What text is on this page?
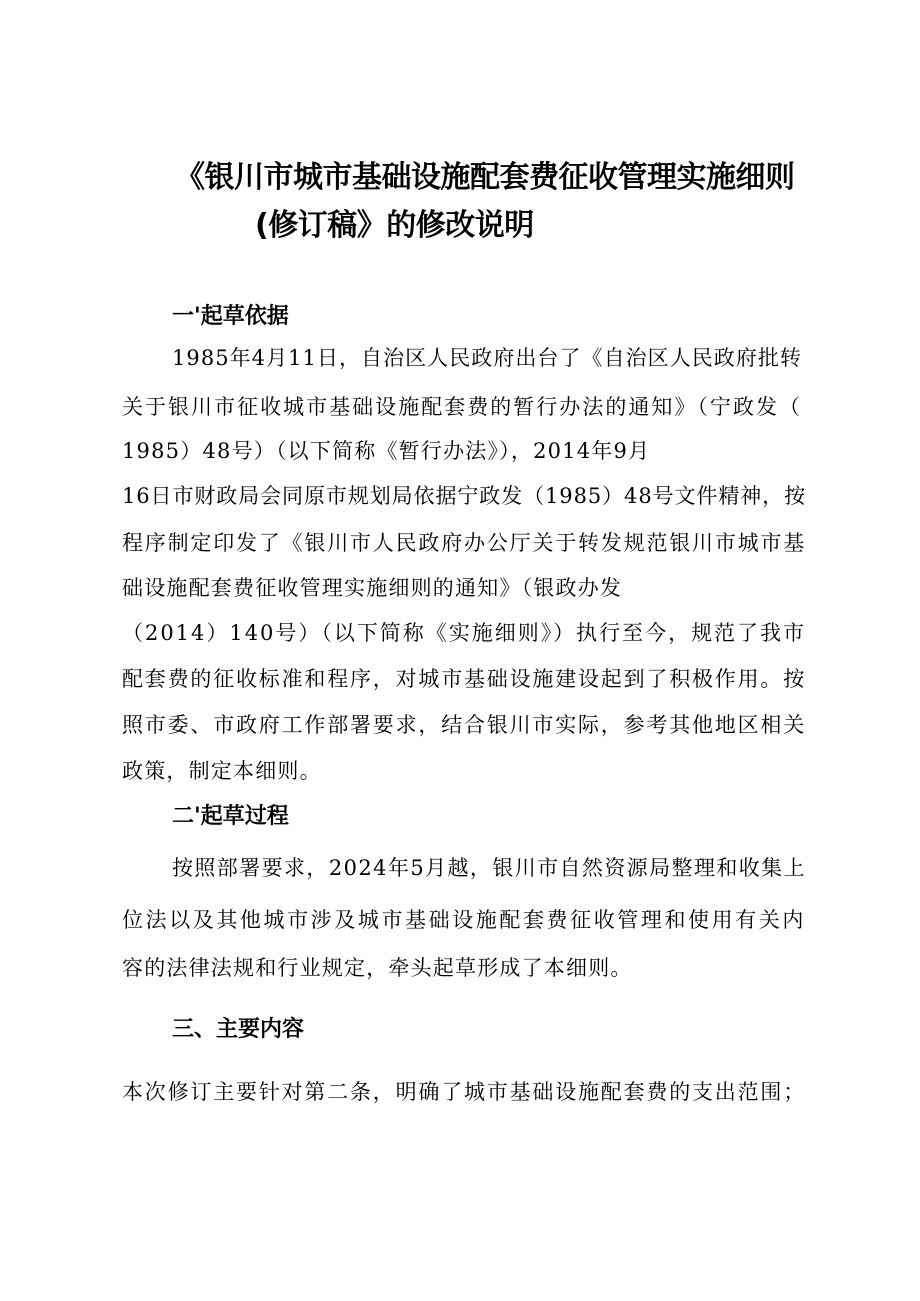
《银川市城市基础设施配套费征收管理实施细则
(修订稿》的修改说明
一'起草依据
1985年4月11日，自治区人民政府出台了《自治区人民政府批转
关于银川市征收城市基础设施配套费的暂行办法的通知》（宁政发（
1985）48号）（以下简称《暂行办法》），2014年9月
16日市财政局会同原市规划局依据宁政发（1985）48号文件精神，按
程序制定印发了《银川市人民政府办公厅关于转发规范银川市城市基
础设施配套费征收管理实施细则的通知》（银政办发
（2014）140号）（以下简称《实施细则》）执行至今，规范了我市
配套费的征收标准和程序，对城市基础设施建设起到了积极作用。按
照市委、市政府工作部署要求，结合银川市实际，参考其他地区相关
政策，制定本细则。
二'起草过程
按照部署要求，2024年5月越，银川市自然资源局整理和收集上
位法以及其他城市涉及城市基础设施配套费征收管理和使用有关内
容的法律法规和行业规定，牵头起草形成了本细则。
三、主要内容
本次修订主要针对第二条，明确了城市基础设施配套费的支出范围；
